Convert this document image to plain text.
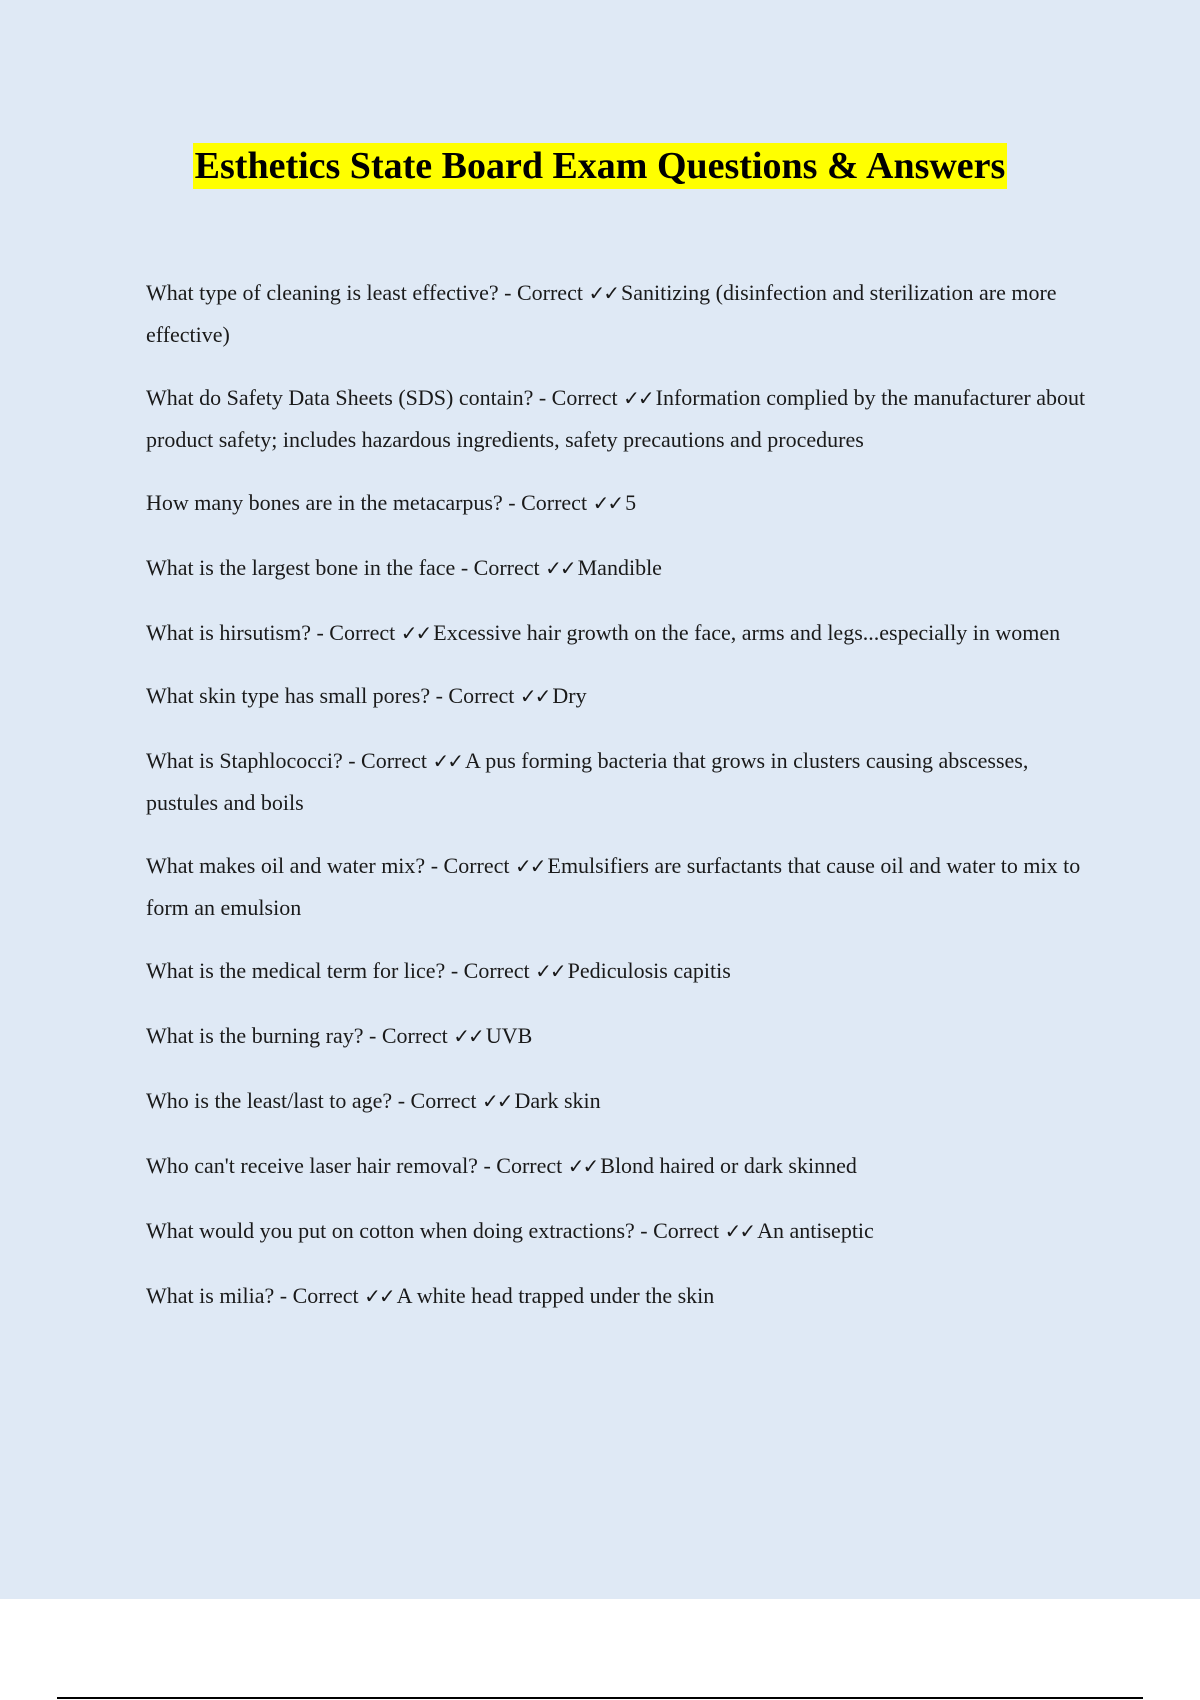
Esthetics State Board Exam Questions & Answers
What type of cleaning is least effective? - Correct ✓✓ Sanitizing (disinfection and sterilization are more effective)
What do Safety Data Sheets (SDS) contain? - Correct ✓✓ Information complied by the manufacturer about product safety; includes hazardous ingredients, safety precautions and procedures
How many bones are in the metacarpus? - Correct ✓✓ 5
What is the largest bone in the face - Correct ✓✓ Mandible
What is hirsutism? - Correct ✓✓ Excessive hair growth on the face, arms and legs...especially in women
What skin type has small pores? - Correct ✓✓ Dry
What is Staphlococci? - Correct ✓✓ A pus forming bacteria that grows in clusters causing abscesses, pustules and boils
What makes oil and water mix? - Correct ✓✓ Emulsifiers are surfactants that cause oil and water to mix to form an emulsion
What is the medical term for lice? - Correct ✓✓ Pediculosis capitis
What is the burning ray? - Correct ✓✓ UVB
Who is the least/last to age? - Correct ✓✓ Dark skin
Who can't receive laser hair removal? - Correct ✓✓ Blond haired or dark skinned
What would you put on cotton when doing extractions? - Correct ✓✓ An antiseptic
What is milia? - Correct ✓✓ A white head trapped under the skin
